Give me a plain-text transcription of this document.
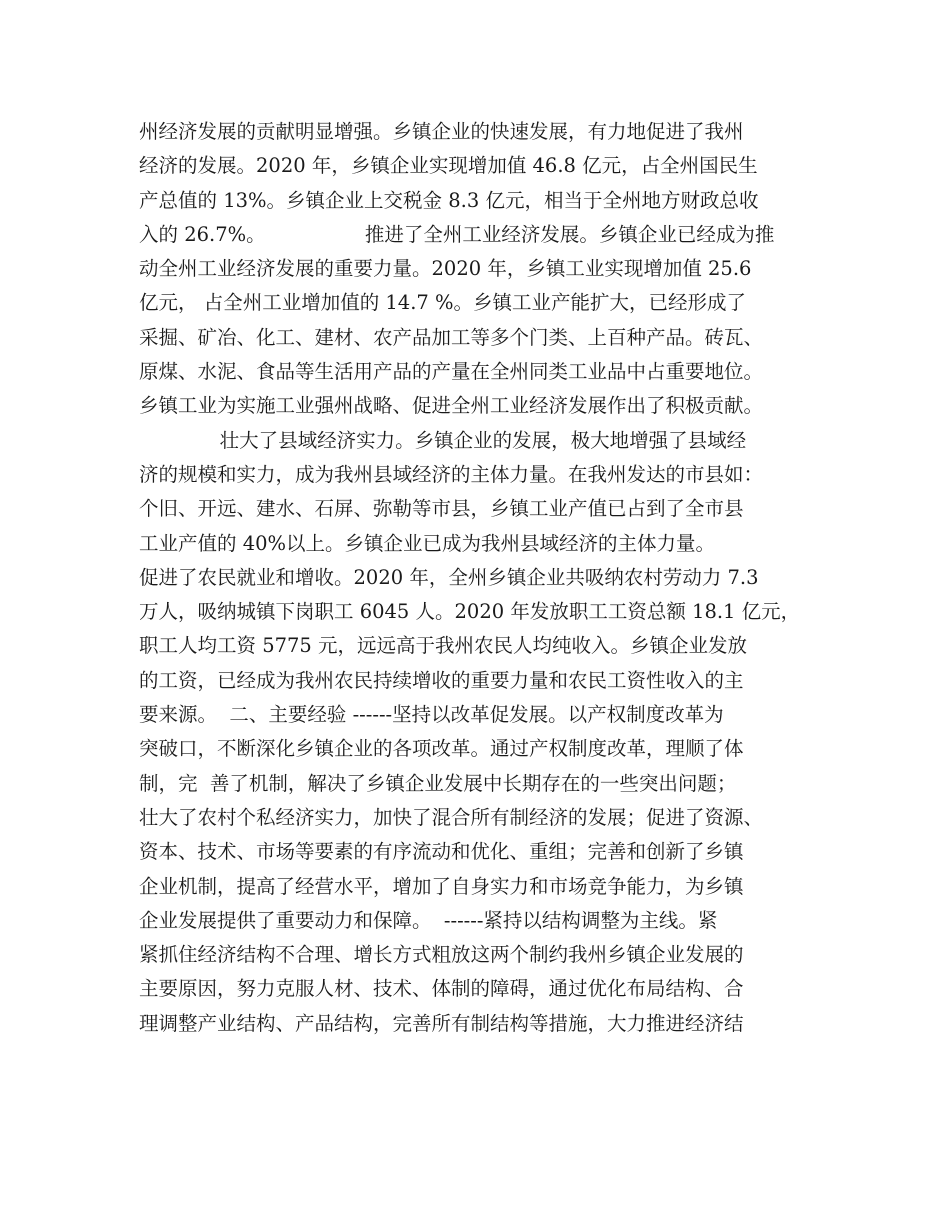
州经济发展的贡献明显增强。乡镇企业的快速发展，有力地促进了我州
经济的发展。2020 年，乡镇企业实现增加值 46.8 亿元，占全州国民生
产总值的 13%。乡镇企业上交税金 8.3 亿元，相当于全州地方财政总收
入的 26.7%。                推进了全州工业经济发展。乡镇企业已经成为推
动全州工业经济发展的重要力量。2020 年，乡镇工业实现增加值 25.6
亿元， 占全州工业增加值的 14.7 %。乡镇工业产能扩大，已经形成了
采掘、矿冶、化工、建材、农产品加工等多个门类、上百种产品。砖瓦、
原煤、水泥、食品等生活用产品的产量在全州同类工业品中占重要地位。
乡镇工业为实施工业强州战略、促进全州工业经济发展作出了积极贡献。
壮大了县域经济实力。乡镇企业的发展，极大地增强了县域经
济的规模和实力，成为我州县域经济的主体力量。在我州发达的市县如：
个旧、开远、建水、石屏、弥勒等市县，乡镇工业产值已占到了全市县
工业产值的 40%以上。乡镇企业已成为我州县域经济的主体力量。
促进了农民就业和增收。2020 年，全州乡镇企业共吸纳农村劳动力 7.3
万人，吸纳城镇下岗职工 6045 人。2020 年发放职工工资总额 18.1 亿元，
职工人均工资 5775 元，远远高于我州农民人均纯收入。乡镇企业发放
的工资，已经成为我州农民持续增收的重要力量和农民工资性收入的主
要来源。  二、主要经验 ------坚持以改革促发展。以产权制度改革为
突破口，不断深化乡镇企业的各项改革。通过产权制度改革，理顺了体
制，完  善了机制，解决了乡镇企业发展中长期存在的一些突出问题；
壮大了农村个私经济实力，加快了混合所有制经济的发展；促进了资源、
资本、技术、市场等要素的有序流动和优化、重组；完善和创新了乡镇
企业机制，提高了经营水平，增加了自身实力和市场竞争能力，为乡镇
企业发展提供了重要动力和保障。  ------紧持以结构调整为主线。紧
紧抓住经济结构不合理、增长方式粗放这两个制约我州乡镇企业发展的
主要原因，努力克服人材、技术、体制的障碍，通过优化布局结构、合
理调整产业结构、产品结构，完善所有制结构等措施，大力推进经济结
